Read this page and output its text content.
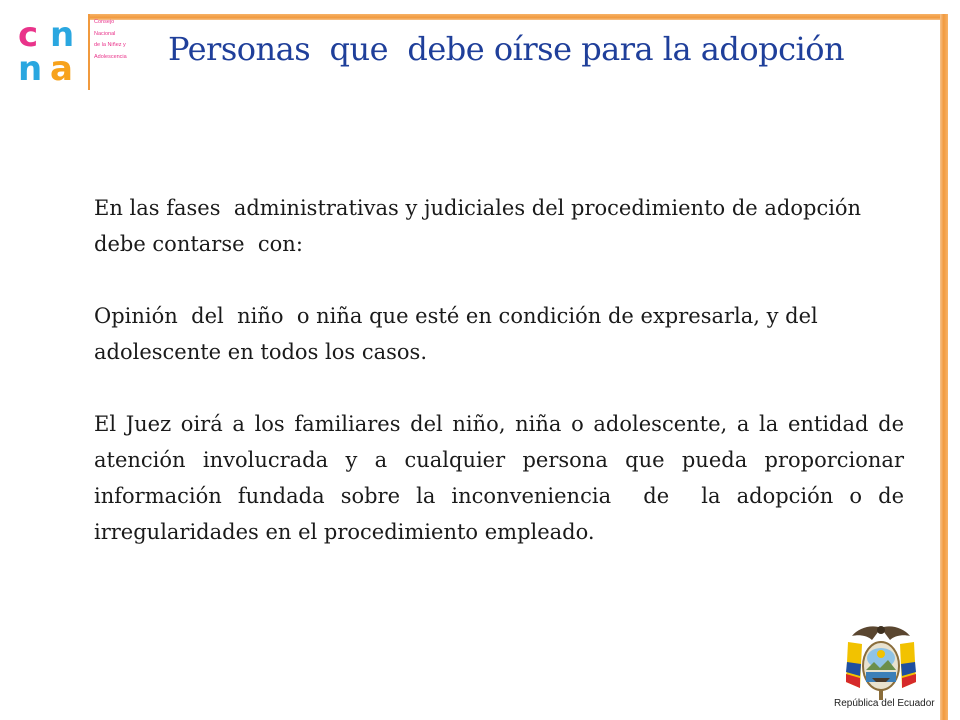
c n
n a
Consejo
Nacional
de la Niñez y
Adolescencia	Personas  que  debe oírse para la adopción

En las fases  administrativas y judiciales del procedimiento de adopción debe contarse  con:

Opinión  del  niño  o niña que esté en condición de expresarla, y del adolescente en todos los casos.

El Juez oirá a los familiares del niño, niña o adolescente, a la entidad de atención involucrada y a cualquier persona que pueda proporcionar  información fundada sobre la inconveniencia  de  la adopción o de irregularidades en el procedimiento empleado.

República del Ecuador
